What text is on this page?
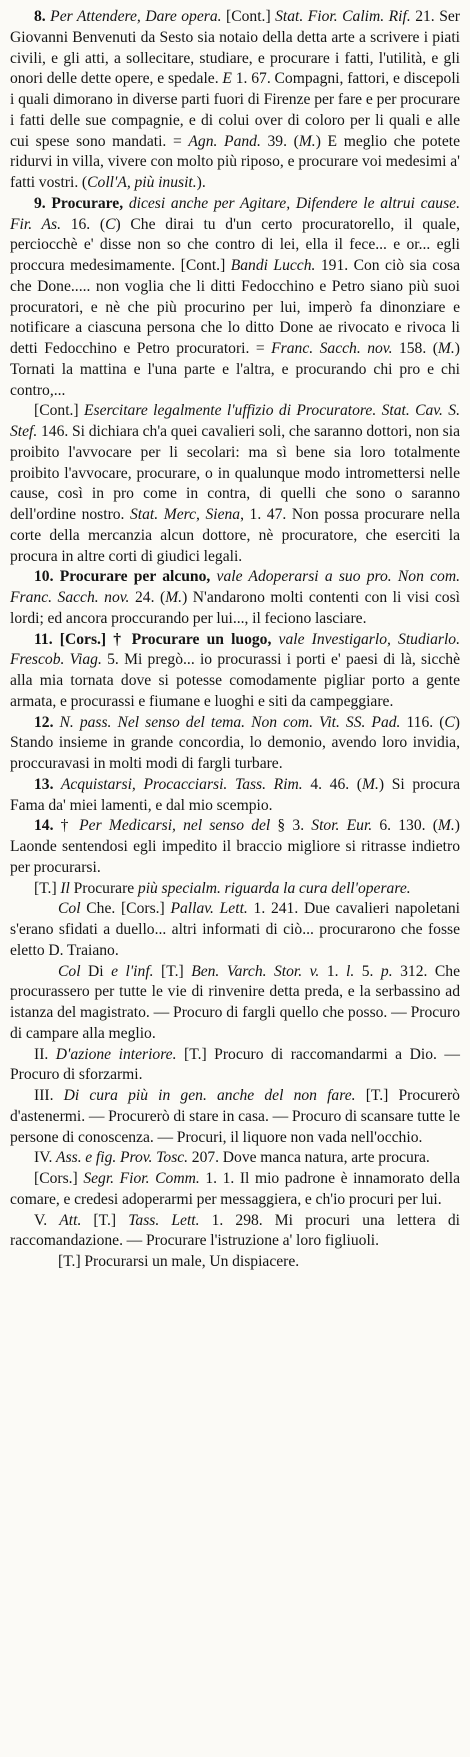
8. Per Attendere, Dare opera. [Cont.] Stat. Fior. Calim. Rif. 21. Ser Giovanni Benvenuti da Sesto sia notaio della detta arte a scrivere i piati civili, e gli atti, a sollecitare, studiare, e procurare i fatti, l'utilità, e gli onori delle dette opere, e spedale. E 1. 67. Compagni, fattori, e discepoli i quali dimorano in diverse parti fuori di Firenze per fare e per procurare i fatti delle sue compagnie, e di colui over di coloro per li quali e alle cui spese sono mandati. = Agn. Pand. 39. (M.) E meglio che potete ridurvi in villa, vivere con molto più riposo, e procurare voi medesimi a' fatti vostri. (Coll'A, più inusit.).

9. Procurare, dicesi anche per Agitare, Difendere le altrui cause. Fir. As. 16. (C) Che dirai tu d'un certo procuratorello, il quale, perciocchè e' disse non so che contro di lei, ella il fece... e or... egli proccura medesimamente. [Cont.] Bandi Lucch. 191. Con ciò sia cosa che Done..... non voglia che li ditti Fedocchino e Petro siano più suoi procuratori, e nè che più procurino per lui, imperò fa dinonziare e notificare a ciascuna persona che lo ditto Done ae rivocato e rivoca li detti Fedocchino e Petro procuratori. = Franc. Sacch. nov. 158. (M.) Tornati la mattina e l'una parte e l'altra, e procurando chi pro e chi contro,...

[Cont.] Esercitare legalmente l'uffizio di Procuratore. Stat. Cav. S. Stef. 146. Si dichiara ch'a quei cavalieri soli, che saranno dottori, non sia proibito l'avvocare per li secolari: ma sì bene sia loro totalmente proibito l'avvocare, procurare, o in qualunque modo intromettersi nelle cause, così in pro come in contra, di quelli che sono o saranno dell'ordine nostro. Stat. Merc, Siena, 1. 47. Non possa procurare nella corte della mercanzia alcun dottore, nè procuratore, che eserciti la procura in altre corti di giudici legali.

10. Procurare per alcuno, vale Adoperarsi a suo pro. Non com. Franc. Sacch. nov. 24. (M.) N'andarono molti contenti con li visi così lordi; ed ancora proccurando per lui..., il feciono lasciare.

11. [Cors.] † Procurare un luogo, vale Investigarlo, Studiarlo. Frescob. Viag. 5. Mi pregò... io procurassi i porti e' paesi di là, sicchè alla mia tornata dove si potesse comodamente pigliar porto a gente armata, e procurassi e fiumane e luoghi e siti da campeggiare.

12. N. pass. Nel senso del tema. Non com. Vit. SS. Pad. 116. (C) Stando insieme in grande concordia, lo demonio, avendo loro invidia, proccuravasi in molti modi di fargli turbare.

13. Acquistarsi, Procacciarsi. Tass. Rim. 4. 46. (M.) Si procura Fama da' miei lamenti, e dal mio scempio.

14. † Per Medicarsi, nel senso del § 3. Stor. Eur. 6. 130. (M.) Laonde sentendosi egli impedito il braccio migliore si ritrasse indietro per procurarsi.

[T.] Il Procurare più specialm. riguarda la cura dell'operare.

Col Che. [Cors.] Pallav. Lett. 1. 241. Due cavalieri napoletani s'erano sfidati a duello... altri informati di ciò... procurarono che fosse eletto D. Traiano.

Col Di e l'inf. [T.] Ben. Varch. Stor. v. 1. l. 5. p. 312. Che procurassero per tutte le vie di rinvenire detta preda, e la serbassino ad istanza del magistrato. — Procuro di fargli quello che posso. — Procuro di campare alla meglio.

II. D'azione interiore. [T.] Procuro di raccomandarmi a Dio. — Procuro di sforzarmi.

III. Di cura più in gen. anche del non fare. [T.] Procurerò d'astenermi. — Procurerò di stare in casa. — Procuro di scansare tutte le persone di conoscenza. — Procuri, il liquore non vada nell'occhio.

IV. Ass. e fig. Prov. Tosc. 207. Dove manca natura, arte procura.

[Cors.] Segr. Fior. Comm. 1. 1. Il mio padrone è innamorato della comare, e credesi adoperarmi per messaggiera, e ch'io procuri per lui.

V. Att. [T.] Tass. Lett. 1. 298. Mi procuri una lettera di raccomandazione. — Procurare l'istruzione a' loro figliuoli.

[T.] Procurarsi un male, Un dispiacere.
